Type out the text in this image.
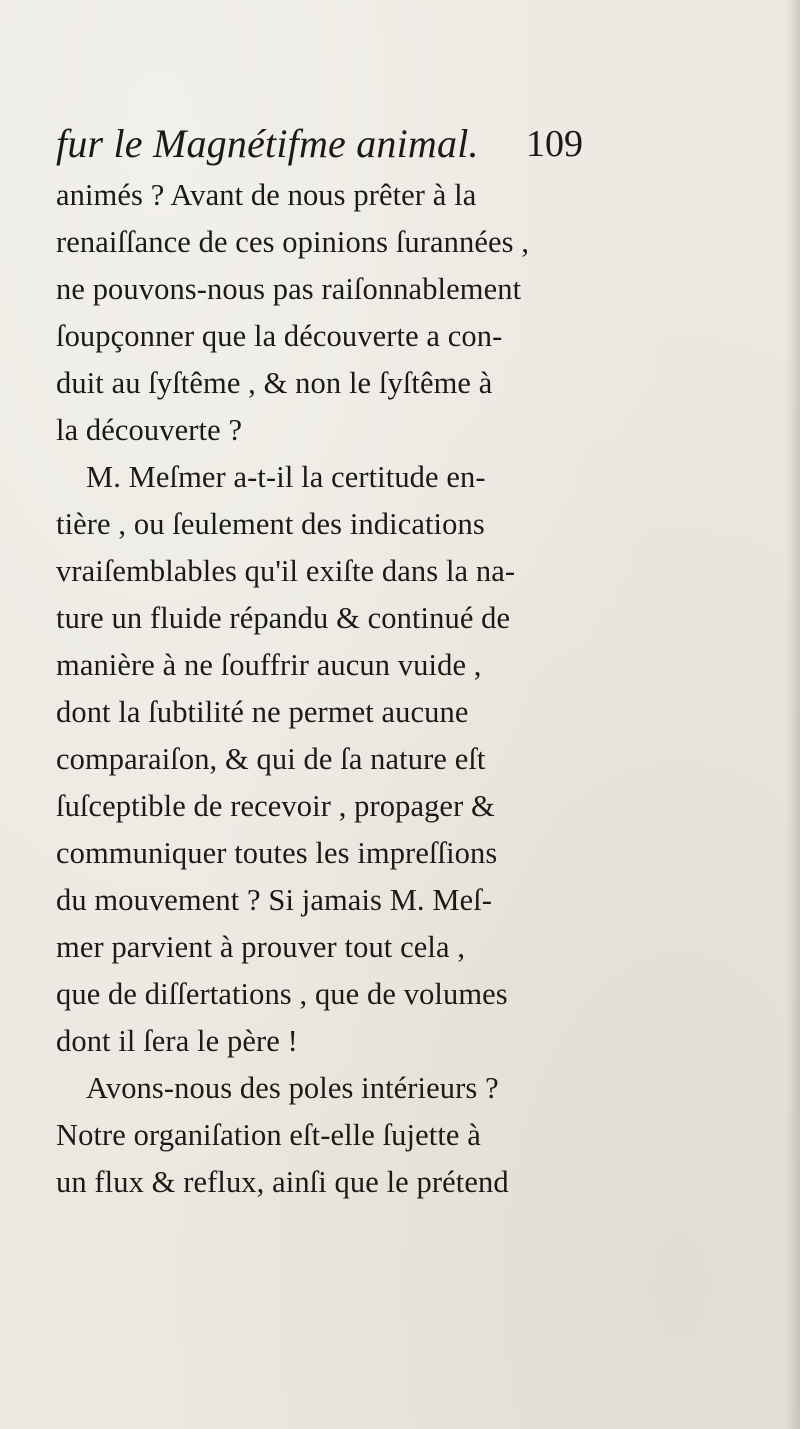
fur le Magnétifme animal. 109
animés ? Avant de nous prêter à la
renaiſſance de ces opinions ſurannées ,
ne pouvons-nous pas raiſonnablement
ſoupçonner que la découverte a con-
duit au ſyſtême , & non le ſyſtême à
la découverte ?
M. Meſmer a-t-il la certitude en-
tière , ou ſeulement des indications
vraiſemblables qu'il exiſte dans la na-
ture un fluide répandu & continué de
manière à ne ſouffrir aucun vuide ,
dont la ſubtilité ne permet aucune
comparaiſon, & qui de ſa nature eſt
ſuſceptible de recevoir , propager &
communiquer toutes les impreſſions
du mouvement ? Si jamais M. Meſ-
mer parvient à prouver tout cela ,
que de diſſertations , que de volumes
dont il ſera le père !
Avons-nous des poles intérieurs ?
Notre organiſation eſt-elle ſujette à
un flux & reflux, ainſi que le prétend
